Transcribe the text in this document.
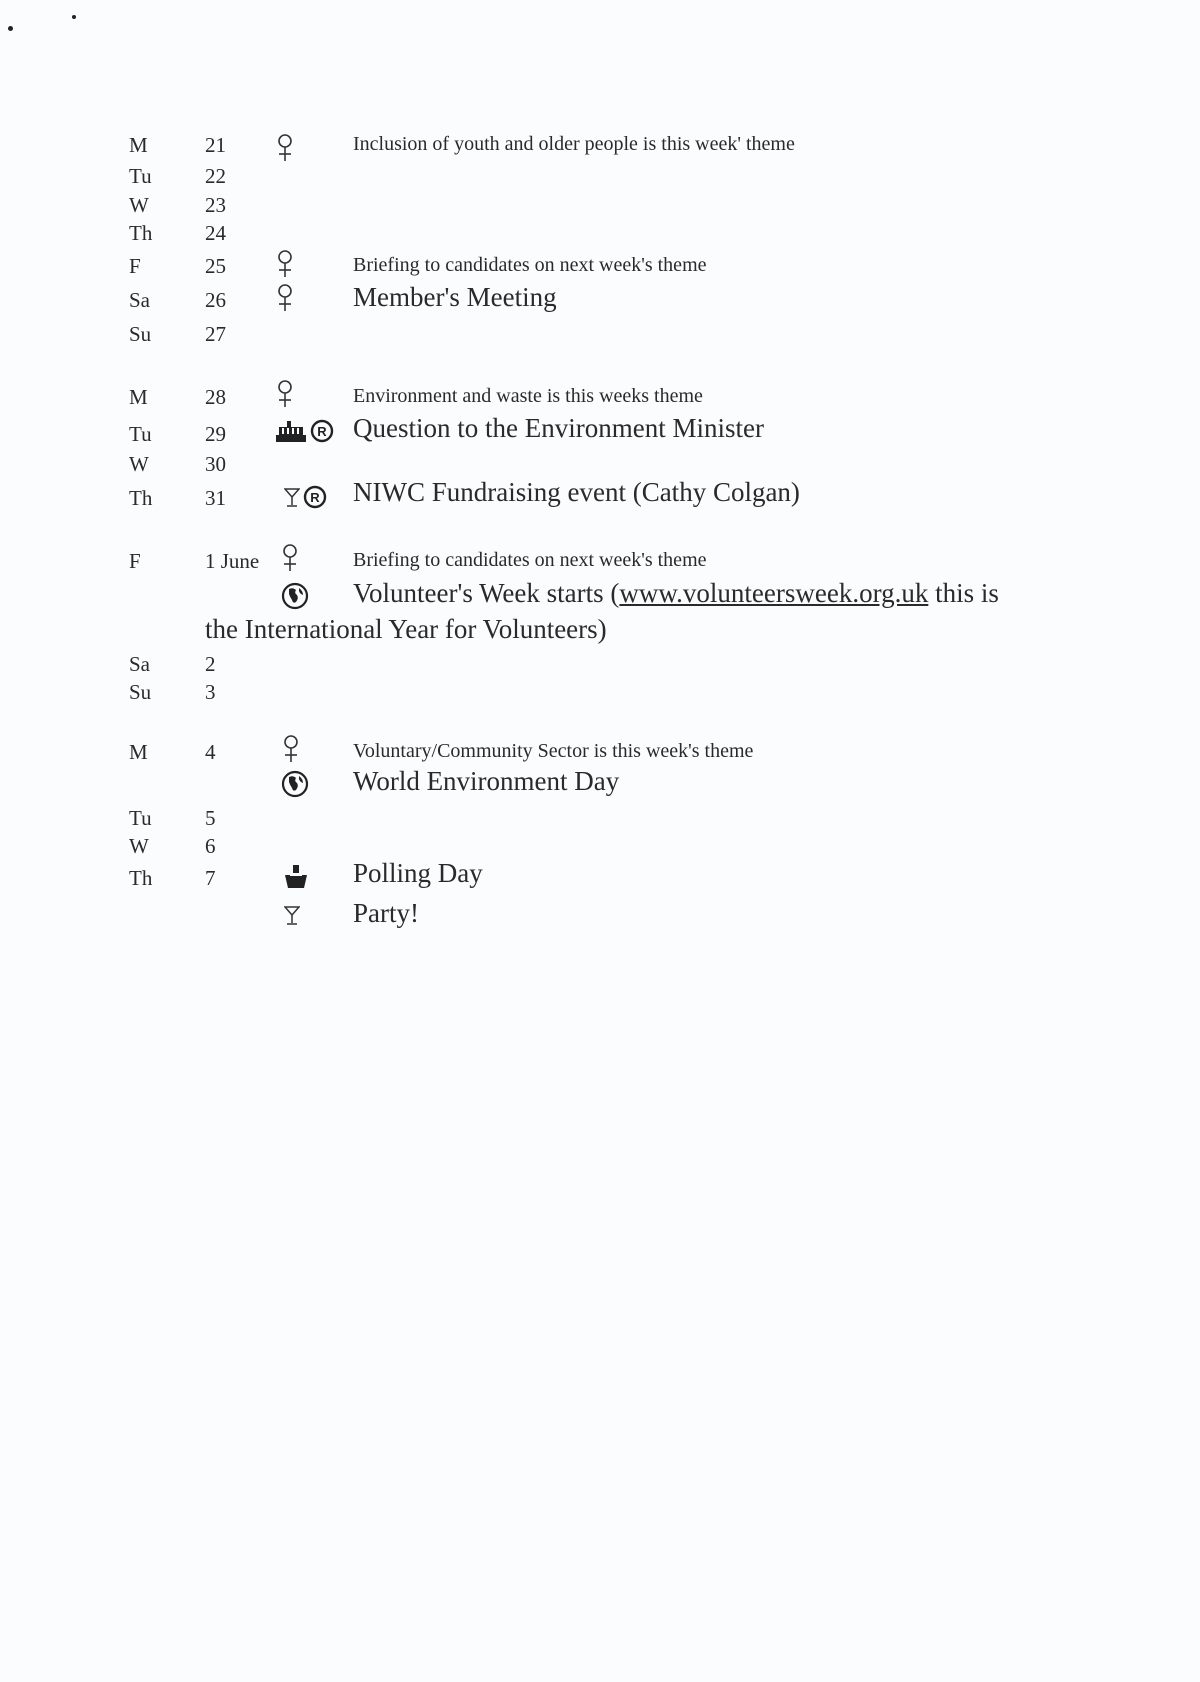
M	21	Inclusion of youth and older people is this week' theme
Tu	22
W	23
Th	24
F	25	Briefing to candidates on next week's theme
Sa	26	Member's Meeting
Su	27
M	28	Environment and waste is this weeks theme
Tu	29	R Question to the Environment Minister
W	30
Th	31	R NIWC Fundraising event (Cathy Colgan)
F	1 June	Briefing to candidates on next week's theme
Volunteer's Week starts (www.volunteersweek.org.uk this is
the International Year for Volunteers)
Sa	2
Su	3
M	4	Voluntary/Community Sector is this week's theme
World Environment Day
Tu	5
W	6
Th	7	Polling Day
Party!
